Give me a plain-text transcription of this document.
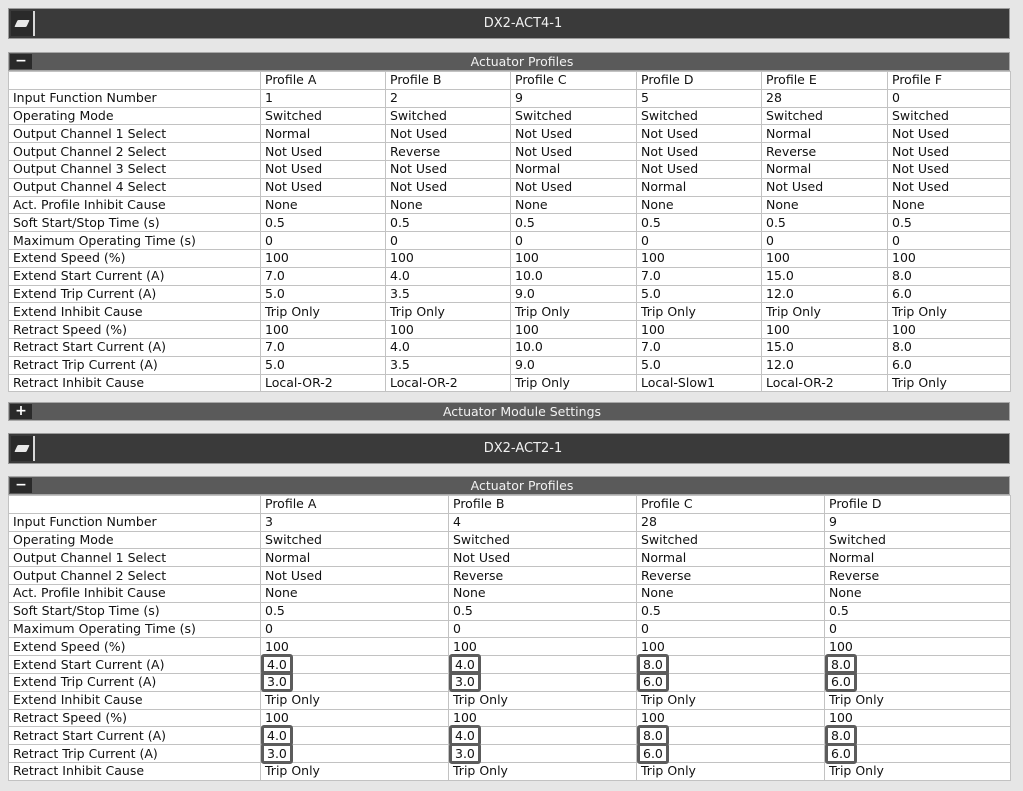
DX2-ACT4-1
−	Actuator Profiles
	Profile A	Profile B	Profile C	Profile D	Profile E	Profile F
Input Function Number	1	2	9	5	28	0
Operating Mode	Switched	Switched	Switched	Switched	Switched	Switched
Output Channel 1 Select	Normal	Not Used	Not Used	Not Used	Normal	Not Used
Output Channel 2 Select	Not Used	Reverse	Not Used	Not Used	Reverse	Not Used
Output Channel 3 Select	Not Used	Not Used	Normal	Not Used	Normal	Not Used
Output Channel 4 Select	Not Used	Not Used	Not Used	Normal	Not Used	Not Used
Act. Profile Inhibit Cause	None	None	None	None	None	None
Soft Start/Stop Time (s)	0.5	0.5	0.5	0.5	0.5	0.5
Maximum Operating Time (s)	0	0	0	0	0	0
Extend Speed (%)	100	100	100	100	100	100
Extend Start Current (A)	7.0	4.0	10.0	7.0	15.0	8.0
Extend Trip Current (A)	5.0	3.5	9.0	5.0	12.0	6.0
Extend Inhibit Cause	Trip Only	Trip Only	Trip Only	Trip Only	Trip Only	Trip Only
Retract Speed (%)	100	100	100	100	100	100
Retract Start Current (A)	7.0	4.0	10.0	7.0	15.0	8.0
Retract Trip Current (A)	5.0	3.5	9.0	5.0	12.0	6.0
Retract Inhibit Cause	Local-OR-2	Local-OR-2	Trip Only	Local-Slow1	Local-OR-2	Trip Only
+	Actuator Module Settings
DX2-ACT2-1
−	Actuator Profiles
	Profile A	Profile B	Profile C	Profile D
Input Function Number	3	4	28	9
Operating Mode	Switched	Switched	Switched	Switched
Output Channel 1 Select	Normal	Not Used	Normal	Normal
Output Channel 2 Select	Not Used	Reverse	Reverse	Reverse
Act. Profile Inhibit Cause	None	None	None	None
Soft Start/Stop Time (s)	0.5	0.5	0.5	0.5
Maximum Operating Time (s)	0	0	0	0
Extend Speed (%)	100	100	100	100
Extend Start Current (A)	4.0	4.0	8.0	8.0
Extend Trip Current (A)	3.0	3.0	6.0	6.0
Extend Inhibit Cause	Trip Only	Trip Only	Trip Only	Trip Only
Retract Speed (%)	100	100	100	100
Retract Start Current (A)	4.0	4.0	8.0	8.0
Retract Trip Current (A)	3.0	3.0	6.0	6.0
Retract Inhibit Cause	Trip Only	Trip Only	Trip Only	Trip Only
